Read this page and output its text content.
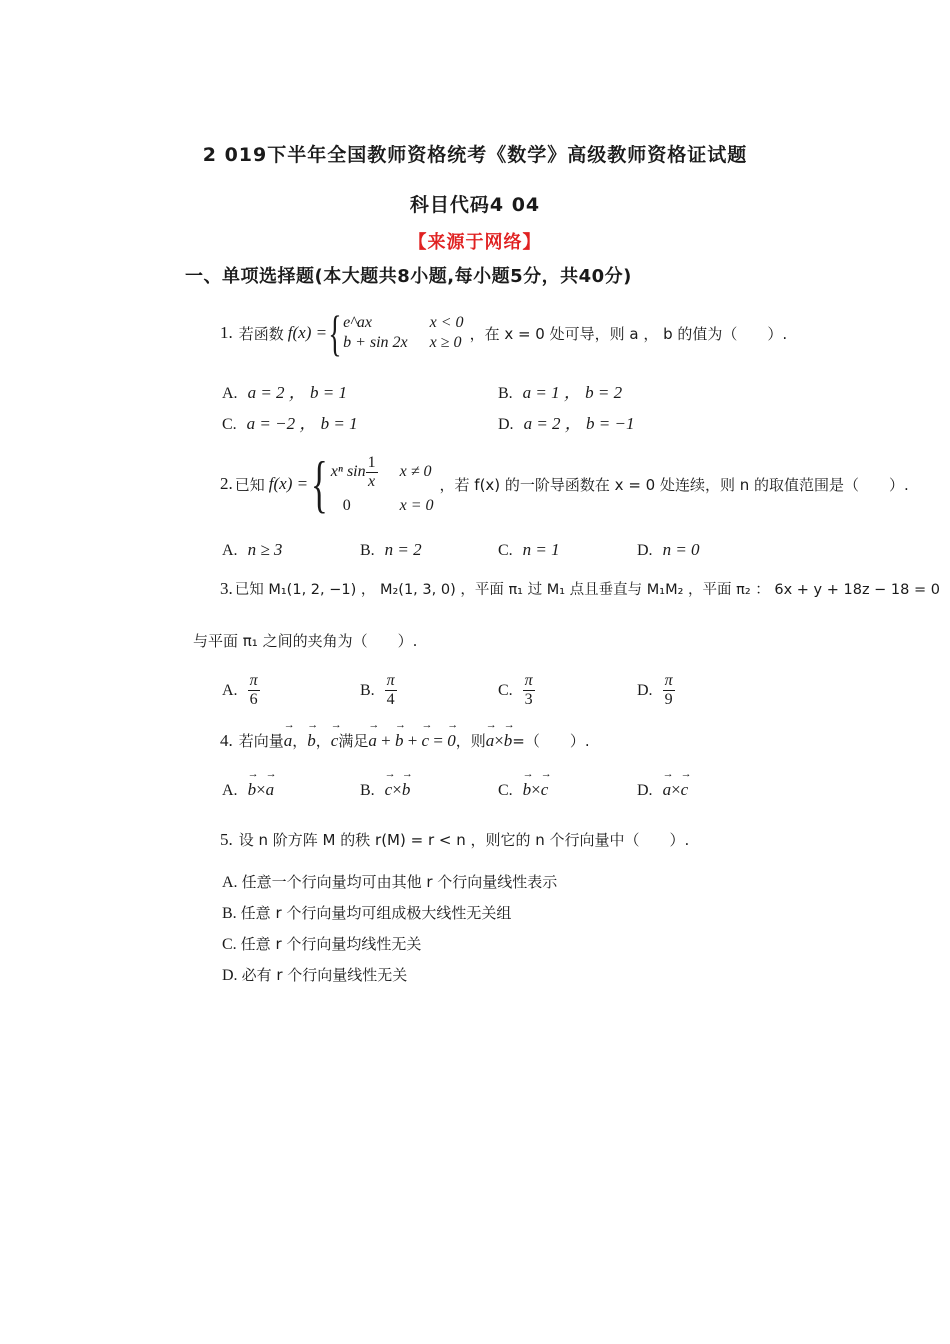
2 019下半年全国教师资格统考《数学》高级教师资格证试题
科目代码4 04
【来源于网络】
一、单项选择题(本大题共8小题,每小题5分，共40分)
1. 若函数 f(x) = { e^ax	x < 0
b + sin 2x x ≥ 0 ，在 x = 0 处可导，则 a ， b 的值为（　　）.
A. a = 2 ， b = 1	B. a = 1 ， b = 2
C. a = −2 ， b = 1	D. a = 2 ， b = −1
2. 已知 f(x) = { xⁿ $\sin \frac{1}{x}$ x ≠ 0
0	x = 0
，若 f(x) 的一阶导函数在 x = 0 处连续，则 n 的取值范围是（　　）.
A. n ≥ 3	B. n = 2	C. n = 1	D. n = 0
3. 已知 M₁(1, 2, −1) ， M₂(1, 3, 0) ，平面 π₁ 过 M₁ 点且垂直与 M₁M₂ ，平面 π₂ ： 6x + y + 18z − 18 = 0
与平面 π₁ 之间的夹角为（　　）.
A. $\frac{\pi}{6}$	B. $\frac{\pi}{4}$	C. $\frac{\pi}{3}$	D. $\frac{\pi}{9}$
4. 若向量 → a ， → b ， → c 满足 → a + → b + → c = → 0 ，则 → a × → b =（　　）.
A. → b×→ a	B. → c×→ b	C. → b×→ c	D. → a×→ c
5. 设 n 阶方阵 M 的秩 r(M) = r < n ，则它的 n 个行向量中（　　）.
A. 任意一个行向量均可由其他 r 个行向量线性表示
B. 任意 r 个行向量均可组成极大线性无关组
C. 任意 r 个行向量均线性无关
D. 必有 r 个行向量线性无关
